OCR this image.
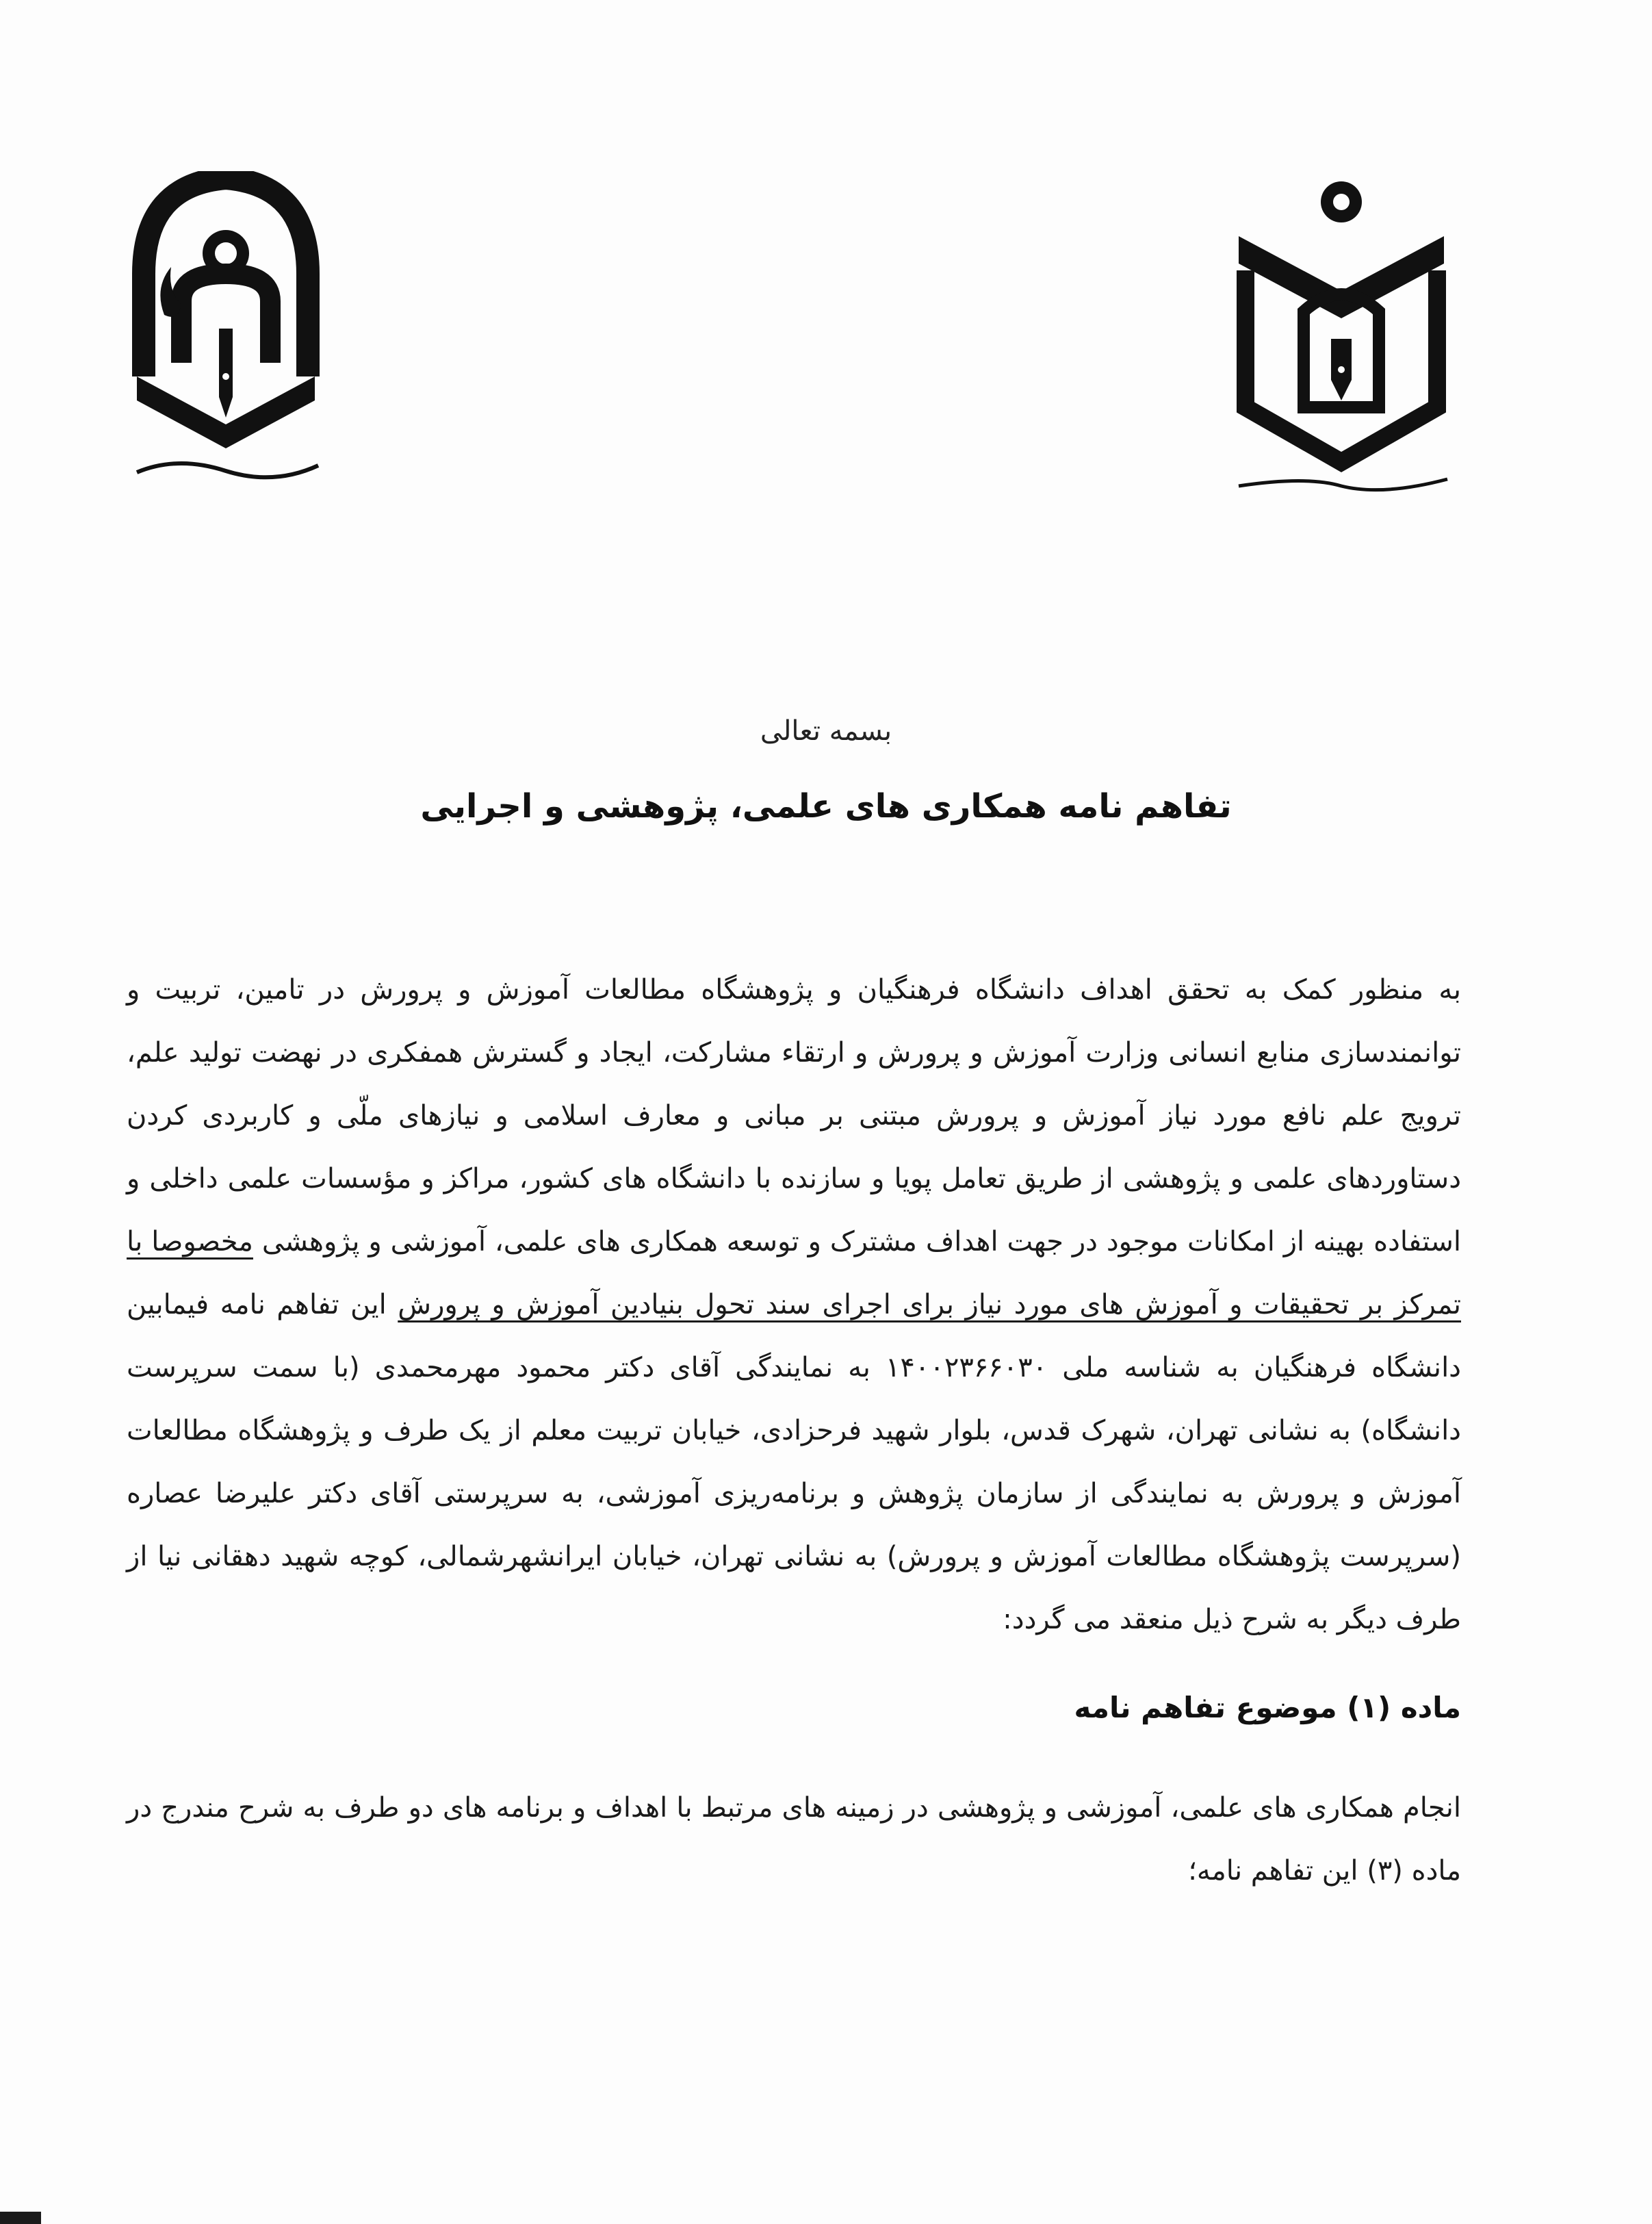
بسمه تعالی
تفاهم نامه همکاری های علمی، پژوهشی و اجرایی
به منظور کمک به تحقق اهداف دانشگاه فرهنگیان و پژوهشگاه مطالعات آموزش و پرورش در تامین، تربیت و توانمندسازی منابع انسانی وزارت آموزش و پرورش و ارتقاء مشارکت، ایجاد و گسترش همفکری در نهضت تولید علم، ترویج علم نافع مورد نیاز آموزش و پرورش مبتنی بر مبانی و معارف اسلامی و نیازهای ملّی و کاربردی کردن دستاوردهای علمی و پژوهشی از طریق تعامل پویا و سازنده با دانشگاه های کشور، مراکز و مؤسسات علمی داخلی و استفاده بهینه از امکانات موجود در جهت اهداف مشترک و توسعه همکاری های علمی، آموزشی و پژوهشی مخصوصا با تمرکز بر تحقیقات و آموزش های مورد نیاز برای اجرای سند تحول بنیادین آموزش و پرورش این تفاهم نامه فیمابین دانشگاه فرهنگیان به شناسه ملی ۱۴۰۰۲۳۶۶۰۳۰ به نمایندگی آقای دکتر محمود مهرمحمدی (با سمت سرپرست دانشگاه) به نشانی تهران، شهرک قدس، بلوار شهید فرحزادی، خیابان تربیت معلم از یک طرف و پژوهشگاه مطالعات آموزش و پرورش به نمایندگی از سازمان پژوهش و برنامه‌ریزی آموزشی، به سرپرستی آقای دکتر علیرضا عصاره (سرپرست پژوهشگاه مطالعات آموزش و پرورش) به نشانی تهران، خیابان ایرانشهرشمالی، کوچه شهید دهقانی نیا از طرف دیگر به شرح ذیل منعقد می گردد:
ماده (۱) موضوع تفاهم نامه
انجام همکاری های علمی، آموزشی و پژوهشی در زمینه های مرتبط با اهداف و برنامه های دو طرف به شرح مندرج در ماده (۳) این تفاهم نامه؛
